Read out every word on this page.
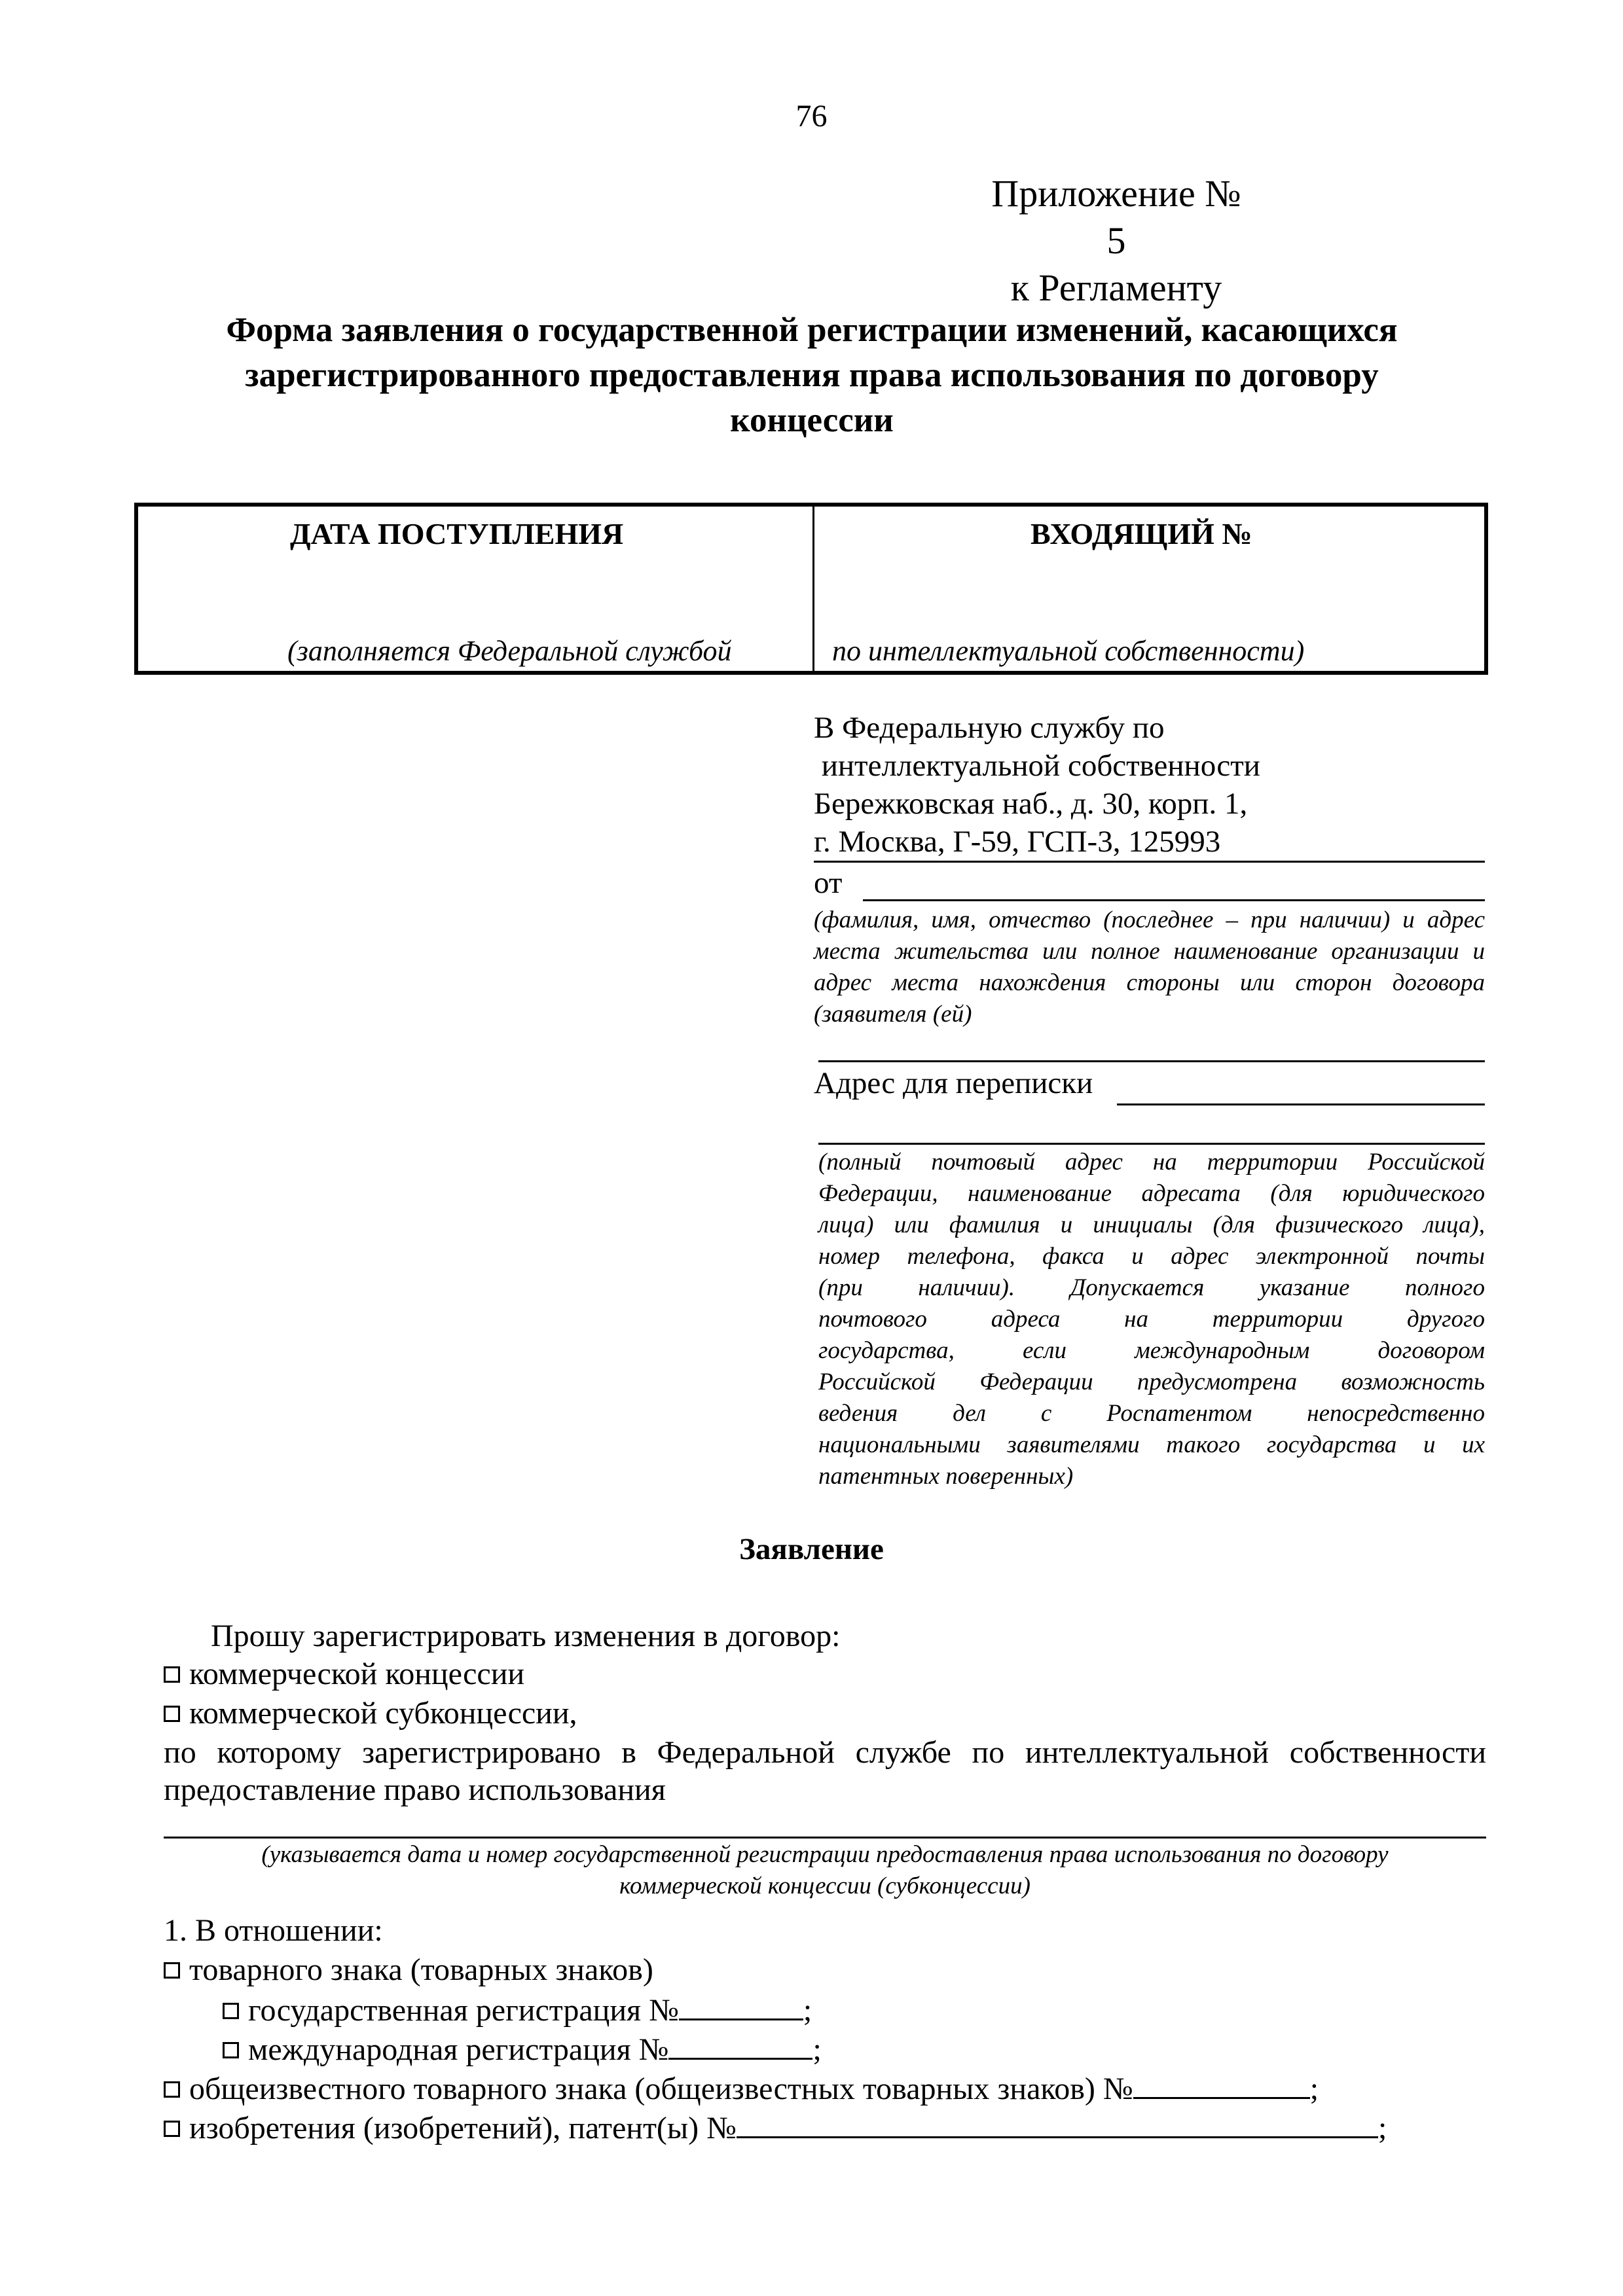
76
Приложение № 5
к Регламенту
Форма заявления о государственной регистрации изменений, касающихся
зарегистрированного предоставления права использования по договору
концессии
ДАТА ПОСТУПЛЕНИЯ	ВХОДЯЩИЙ №
(заполняется Федеральной службой	по интеллектуальной собственности)
В Федеральную службу по
интеллектуальной собственности
Бережковская наб., д. 30, корп. 1,
г. Москва, Г-59, ГСП-3, 125993
от
(фамилия, имя, отчество (последнее – при наличии) и адрес места жительства или полное наименование организации и адрес места нахождения стороны или сторон договора (заявителя (ей)
Адрес для переписки
(полный почтовый адрес на территории Российской
Федерации, наименование адресата (для юридического
лица) или фамилия и инициалы (для физического лица),
номер телефона, факса и адрес электронной почты
(при наличии). Допускается указание полного
почтового адреса на территории другого
государства, если международным договором
Российской Федерации предусмотрена возможность
ведения дел с Роспатентом непосредственно
национальными заявителями такого государства и их
патентных поверенных)
Заявление
Прошу зарегистрировать изменения в договор:
коммерческой концессии
коммерческой субконцессии,
по которому зарегистрировано в Федеральной службе по интеллектуальной собственности
предоставление право использования
(указывается дата и номер государственной регистрации предоставления права использования по договору
коммерческой концессии (субконцессии)
1. В отношении:
товарного знака (товарных знаков)
государственная регистрация №	;
международная регистрация №	;
общеизвестного товарного знака (общеизвестных товарных знаков) №	;
изобретения (изобретений), патент(ы) №	;
